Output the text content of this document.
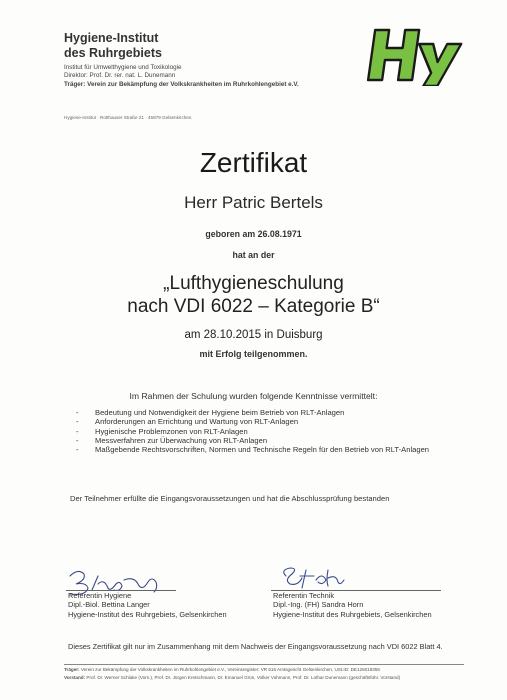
Hygiene-Institut
des Ruhrgebiets
Institut für Umwelthygiene und Toxikologie
Direktor: Prof. Dr. rer. nat. L. Dunemann
Träger: Verein zur Bekämpfung der Volkskrankheiten im Ruhrkohlengebiet e.V.
Hygiene-Institut · Rotthauser Straße 21 · 45879 Gelsenkirchen
Zertifikat
Herr Patric Bertels
geboren am 26.08.1971
hat an der
„Lufthygieneschulung
nach VDI 6022 – Kategorie B“
am 28.10.2015 in Duisburg
mit Erfolg teilgenommen.
Im Rahmen der Schulung wurden folgende Kenntnisse vermittelt:
- Bedeutung und Notwendigkeit der Hygiene beim Betrieb von RLT-Anlagen
- Anforderungen an Errichtung und Wartung von RLT-Anlagen
- Hygienische Problemzonen von RLT-Anlagen
- Messverfahren zur Überwachung von RLT-Anlagen
- Maßgebende Rechtsvorschriften, Normen und Technische Regeln für den Betrieb von RLT-Anlagen
Der Teilnehmer erfüllte die Eingangsvoraussetzungen und hat die Abschlussprüfung bestanden
Referentin Hygiene
Dipl.-Biol. Bettina Langer
Hygiene-Institut des Ruhrgebiets, Gelsenkirchen
Referentin Technik
Dipl.-Ing. (FH) Sandra Horn
Hygiene-Institut des Ruhrgebiets, Gelsenkirchen
Dieses Zertifikat gilt nur im Zusammenhang mit dem Nachweis der Eingangsvoraussetzung nach VDI 6022 Blatt 4.
Träger: Verein zur Bekämpfung der Volkskrankheiten im Ruhrkohlengebiet e.V., Vereinsregister: VR 516 Amtsgericht Gelsenkirchen, USt.ID: DE125018356
Vorstand: Prof. Dr. Werner Schlake (Vors.), Prof. Dr. Jürgen Kretschmann, Dr. Emanuel Grün, Volker Vohmann, Prof. Dr. Lothar Dunemann (geschäftsführ. Vorstand)
